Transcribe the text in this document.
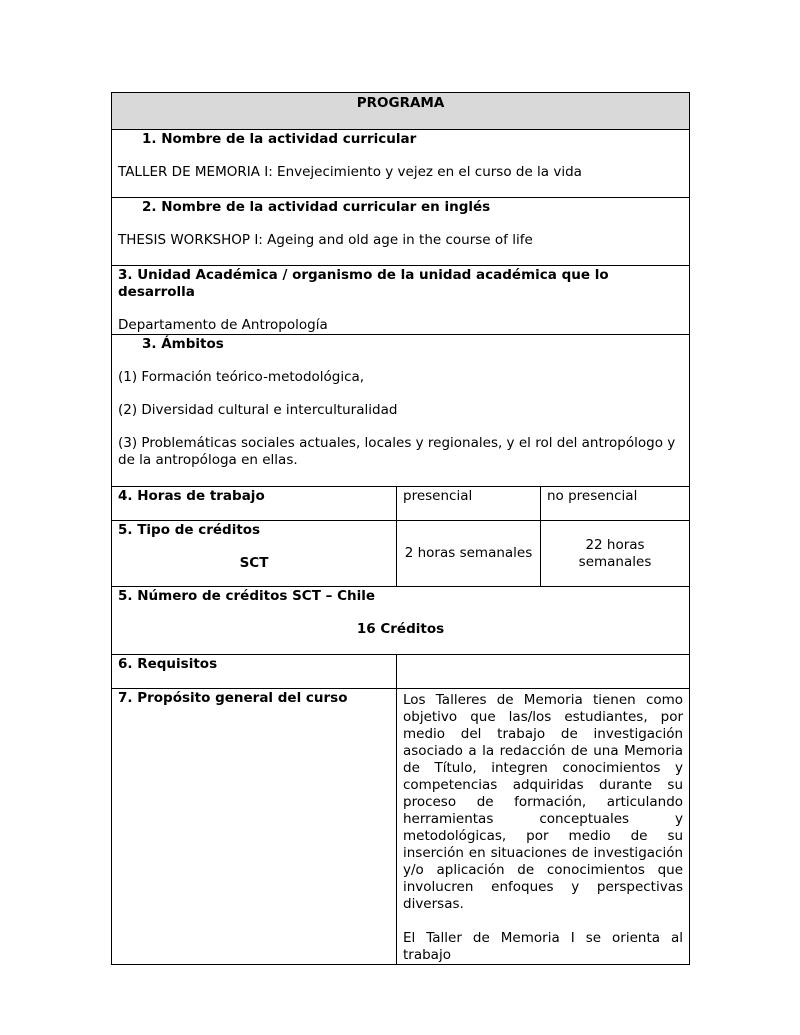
PROGRAMA		

1. Nombre de la actividad curricular

TALLER DE MEMORIA I: Envejecimiento y vejez en el curso de la vida		

2. Nombre de la actividad curricular en inglés

THESIS WORKSHOP I: Ageing and old age in the course of life		

3. Unidad Académica / organismo de la unidad académica que lo desarrolla

Departamento de Antropología		

3. Ámbitos

(1) Formación teórico-metodológica,

(2) Diversidad cultural e interculturalidad

(3) Problemáticas sociales actuales, locales y regionales, y el rol del antropólogo y de la antropóloga en ellas.		

4. Horas de trabajo	presencial	no presencial

5. Tipo de créditos

SCT	2 horas semanales	22 horas semanales

5. Número de créditos SCT – Chile

16 Créditos		

6. Requisitos		
7. Propósito general del curso	Los Talleres de Memoria tienen como objetivo que las/los estudiantes, por medio del trabajo de investigación asociado a la redacción de una Memoria de Título, integren conocimientos y competencias adquiridas durante su proceso de formación, articulando herramientas conceptuales y metodológicas, por medio de su inserción en situaciones de investigación y/o aplicación de conocimientos que involucren enfoques y perspectivas diversas.

El Taller de Memoria I se orienta al trabajo	
